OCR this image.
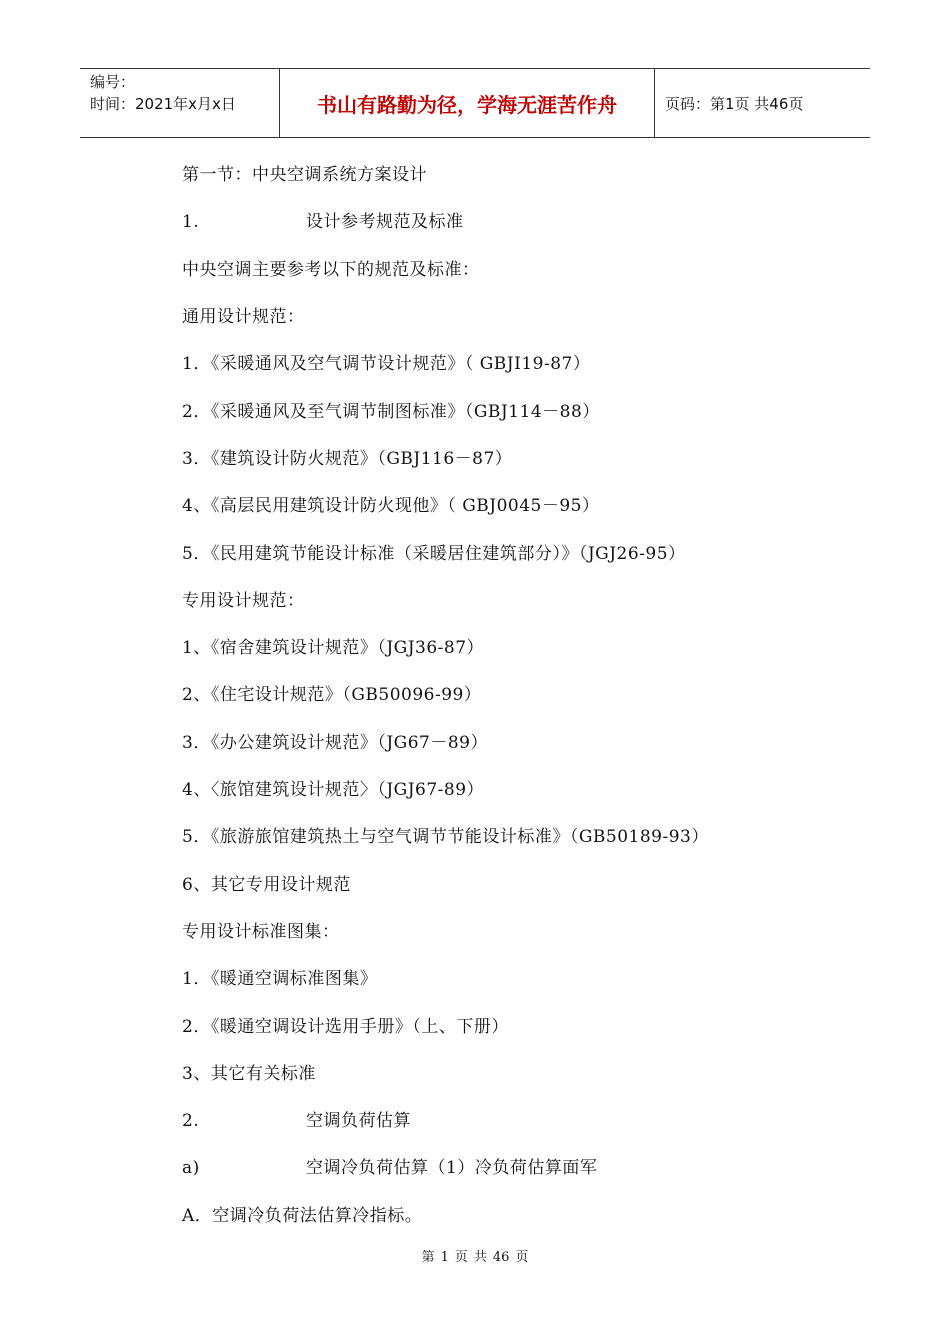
编号：
时间：2021年x月x日	书山有路勤为径，学海无涯苦作舟	页码：第1页 共46页
第一节：中央空调系统方案设计
1.	设计参考规范及标准
中央空调主要参考以下的规范及标准：
通用设计规范：
1．《采暖通风及空气调节设计规范》（ GBJI19-87）
2．《采暖通风及至气调节制图标准》（GBJ114－88）
3．《建筑设计防火规范》（GBJ116－87）
4、《高层民用建筑设计防火现他》（ GBJ0045－95）
5．《民用建筑节能设计标准（采暖居住建筑部分）》（JGJ26-95）
专用设计规范：
1、《宿舍建筑设计规范》（JGJ36-87）
2、《住宅设计规范》（GB50096-99）
3．《办公建筑设计规范》（JG67－89）
4、〈旅馆建筑设计规范〉（JGJ67-89）
5．《旅游旅馆建筑热土与空气调节节能设计标准》（GB50189-93）
6、其它专用设计规范
专用设计标准图集：
1．《暖通空调标准图集》
2．《暖通空调设计选用手册》（上、下册）
3、其它有关标准
2.	空调负荷估算
a)	空调冷负荷估算（1）冷负荷估算面军
A．空调冷负荷法估算冷指标。
第 1 页 共 46 页
